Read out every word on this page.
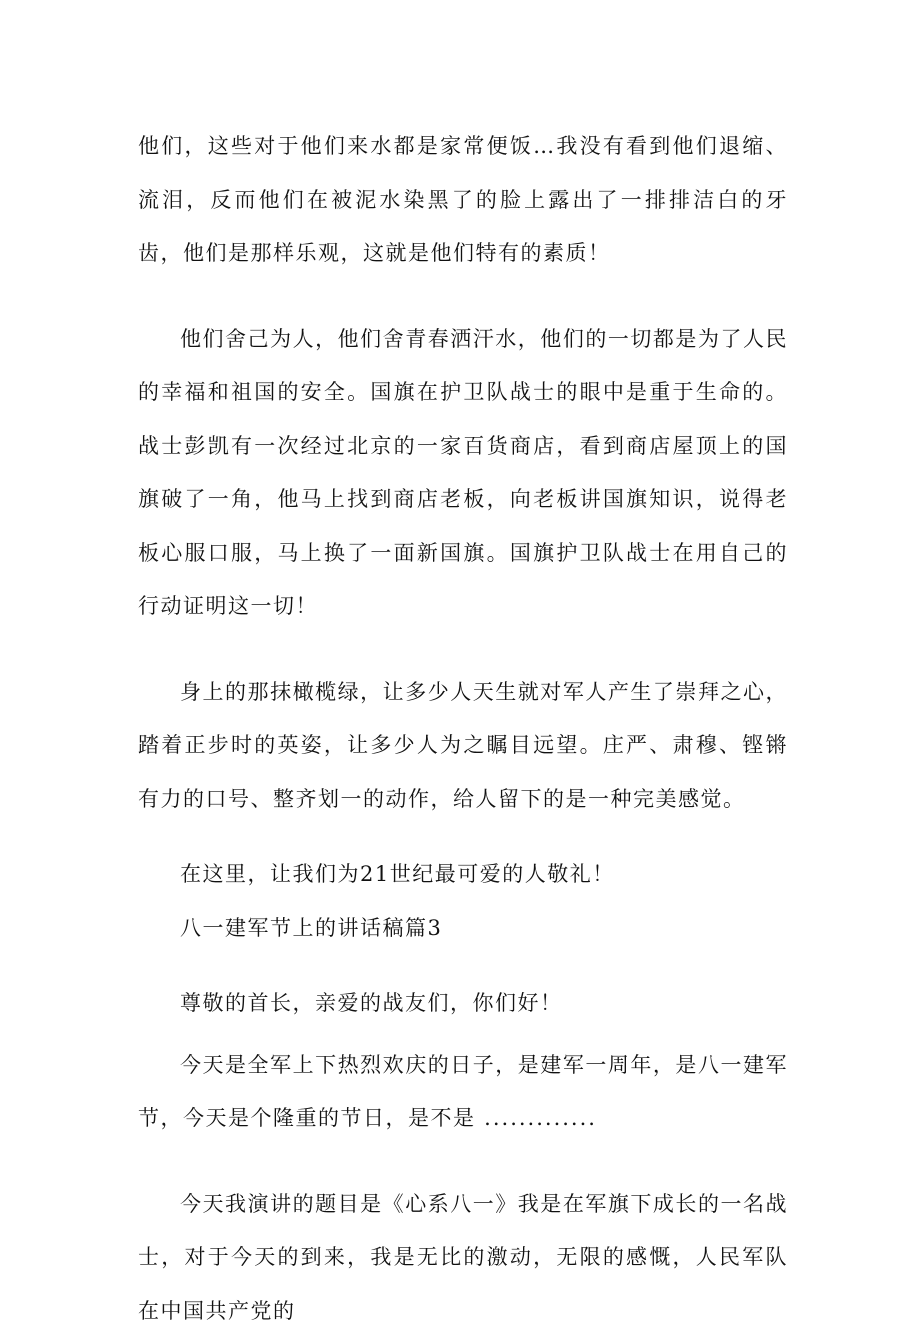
他们，这些对于他们来水都是家常便饭…我没有看到他们退缩、流泪，反而他们在被泥水染黑了的脸上露出了一排排洁白的牙齿，他们是那样乐观，这就是他们特有的素质！

他们舍己为人，他们舍青春洒汗水，他们的一切都是为了人民的幸福和祖国的安全。国旗在护卫队战士的眼中是重于生命的。战士彭凯有一次经过北京的一家百货商店，看到商店屋顶上的国旗破了一角，他马上找到商店老板，向老板讲国旗知识，说得老板心服口服，马上换了一面新国旗。国旗护卫队战士在用自己的行动证明这一切！

身上的那抹橄榄绿，让多少人天生就对军人产生了崇拜之心，踏着正步时的英姿，让多少人为之瞩目远望。庄严、肃穆、铿锵有力的口号、整齐划一的动作，给人留下的是一种完美感觉。

在这里，让我们为21世纪最可爱的人敬礼！

八一建军节上的讲话稿篇3

尊敬的首长，亲爱的战友们，你们好！

今天是全军上下热烈欢庆的日子，是建军一周年，是八一建军节，今天是个隆重的节日，是不是 .............

今天我演讲的题目是《心系八一》我是在军旗下成长的一名战士，对于今天的到来，我是无比的激动，无限的感慨，人民军队在中国共产党的
